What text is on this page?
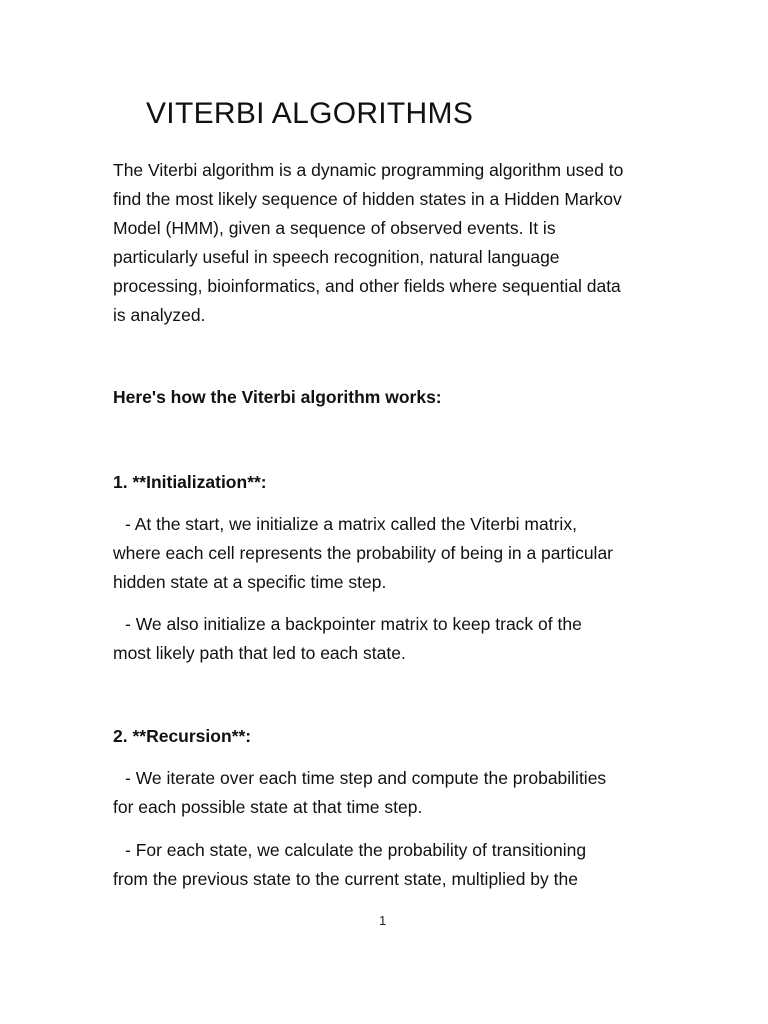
VITERBI ALGORITHMS

The Viterbi algorithm is a dynamic programming algorithm used to
find the most likely sequence of hidden states in a Hidden Markov
Model (HMM), given a sequence of observed events. It is
particularly useful in speech recognition, natural language
processing, bioinformatics, and other fields where sequential data
is analyzed.

Here's how the Viterbi algorithm works:

1. **Initialization**:

- At the start, we initialize a matrix called the Viterbi matrix,
where each cell represents the probability of being in a particular
hidden state at a specific time step.

- We also initialize a backpointer matrix to keep track of the
most likely path that led to each state.

2. **Recursion**:

- We iterate over each time step and compute the probabilities
for each possible state at that time step.

- For each state, we calculate the probability of transitioning
from the previous state to the current state, multiplied by the

1
